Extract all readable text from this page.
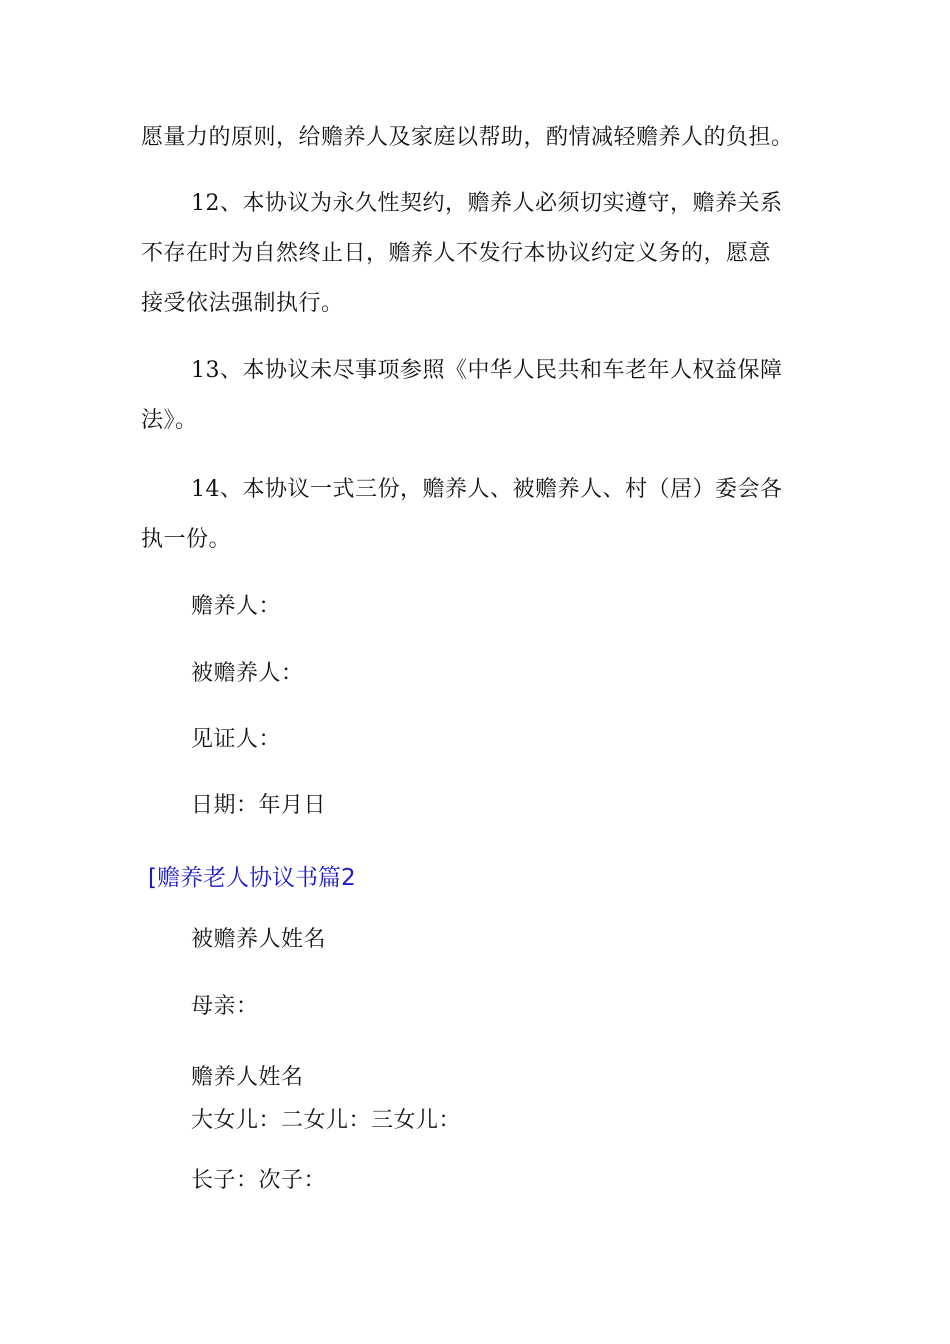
愿量力的原则，给赡养人及家庭以帮助，酌情减轻赡养人的负担。
12、本协议为永久性契约，赡养人必须切实遵守，赡养关系
不存在时为自然终止日，赡养人不发行本协议约定义务的，愿意
接受依法强制执行。
13、本协议未尽事项参照《中华人民共和车老年人权益保障
法》。
14、本协议一式三份，赡养人、被赡养人、村（居）委会各
执一份。
赡养人：
被赡养人：
见证人：
日期：年月日
[赡养老人协议书篇2
被赡养人姓名
母亲：
赡养人姓名
大女儿：二女儿：三女儿：
长子：次子：
